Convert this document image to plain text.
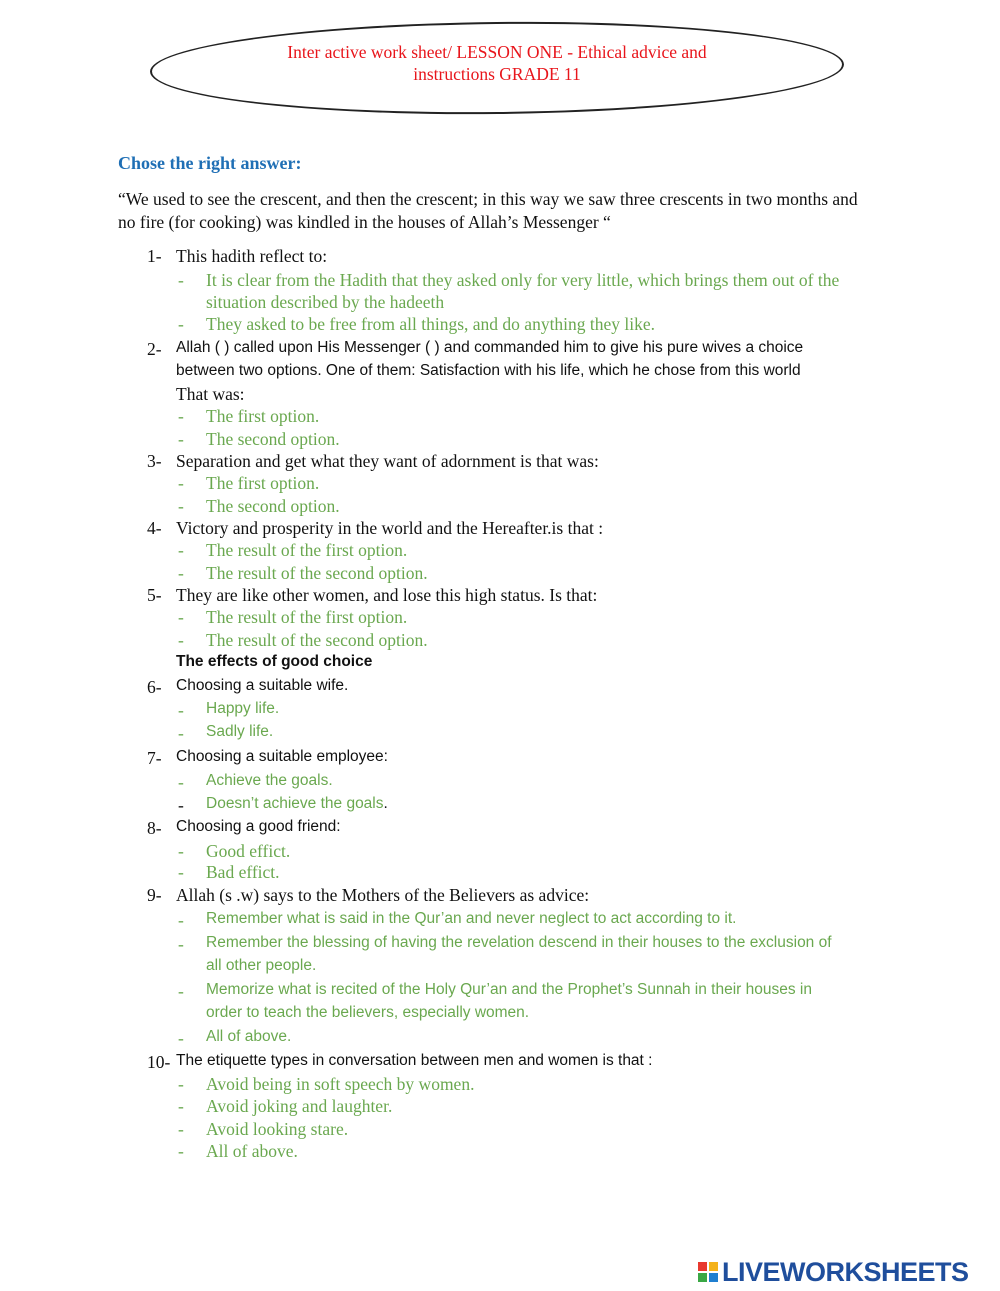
Inter active work sheet/ LESSON ONE - Ethical advice and
instructions GRADE 11
Chose the right answer:
“We used to see the crescent, and then the crescent; in this way we saw three crescents in two months and no fire (for cooking) was kindled in the houses of Allah’s Messenger “
1- This hadith reflect to:
- It is clear from the Hadith that they asked only for very little, which brings them out of the
situation described by the hadeeth
- They asked to be free from all things, and do anything they like.
2- Allah ( ) called upon His Messenger ( ) and commanded him to give his pure wives a choice
between two options. One of them: Satisfaction with his life, which he chose from this world
That was:
- The first option.
- The second option.
3- Separation and get what they want of adornment is that was:
- The first option.
- The second option.
4- Victory and prosperity in the world and the Hereafter.is that :
- The result of the first option.
- The result of the second option.
5- They are like other women, and lose this high status. Is that:
- The result of the first option.
- The result of the second option.
The effects of good choice
6- Choosing a suitable wife.
- Happy life.
- Sadly life.
7- Choosing a suitable employee:
- Achieve the goals.
- Doesn’t achieve the goals.
8- Choosing a good friend:
- Good effict.
- Bad effict.
9- Allah (s .w) says to the Mothers of the Believers as advice:
- Remember what is said in the Qur’an and never neglect to act according to it.
- Remember the blessing of having the revelation descend in their houses to the exclusion of
all other people.
- Memorize what is recited of the Holy Qur’an and the Prophet’s Sunnah in their houses in
order to teach the believers, especially women.
- All of above.
10- The etiquette types in conversation between men and women is that :
- Avoid being in soft speech by women.
- Avoid joking and laughter.
- Avoid looking stare.
- All of above.
LIVEWORKSHEETS
